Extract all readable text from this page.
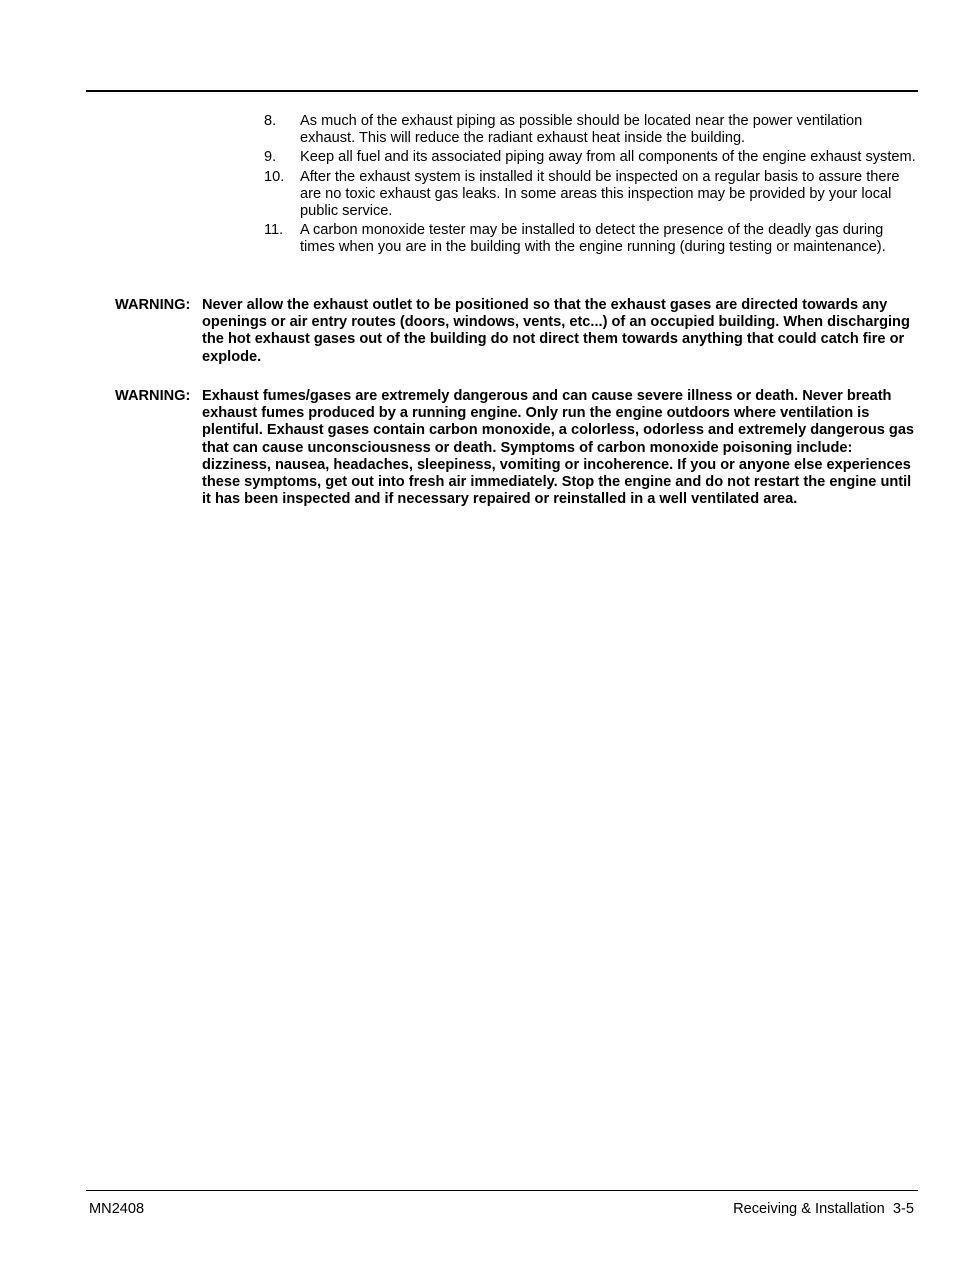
8.	As much of the exhaust piping as possible should be located near the power ventilation exhaust. This will reduce the radiant exhaust heat inside the building.
9.	Keep all fuel and its associated piping away from all components of the engine exhaust system.
10.	After the exhaust system is installed it should be inspected on a regular basis to assure there are no toxic exhaust gas leaks. In some areas this inspection may be provided by your local public service.
11.	A carbon monoxide tester may be installed to detect the presence of the deadly gas during times when you are in the building with the engine running (during testing or maintenance).
WARNING: Never allow the exhaust outlet to be positioned so that the exhaust gases are directed towards any openings or air entry routes (doors, windows, vents, etc...) of an occupied building. When discharging the hot exhaust gases out of the building do not direct them towards anything that could catch fire or explode.
WARNING: Exhaust fumes/gases are extremely dangerous and can cause severe illness or death. Never breath exhaust fumes produced by a running engine. Only run the engine outdoors where ventilation is plentiful. Exhaust gases contain carbon monoxide, a colorless, odorless and extremely dangerous gas that can cause unconsciousness or death. Symptoms of carbon monoxide poisoning include: dizziness, nausea, headaches, sleepiness, vomiting or incoherence. If you or anyone else experiences these symptoms, get out into fresh air immediately. Stop the engine and do not restart the engine until it has been inspected and if necessary repaired or reinstalled in a well ventilated area.
MN2408	Receiving & Installation  3-5
